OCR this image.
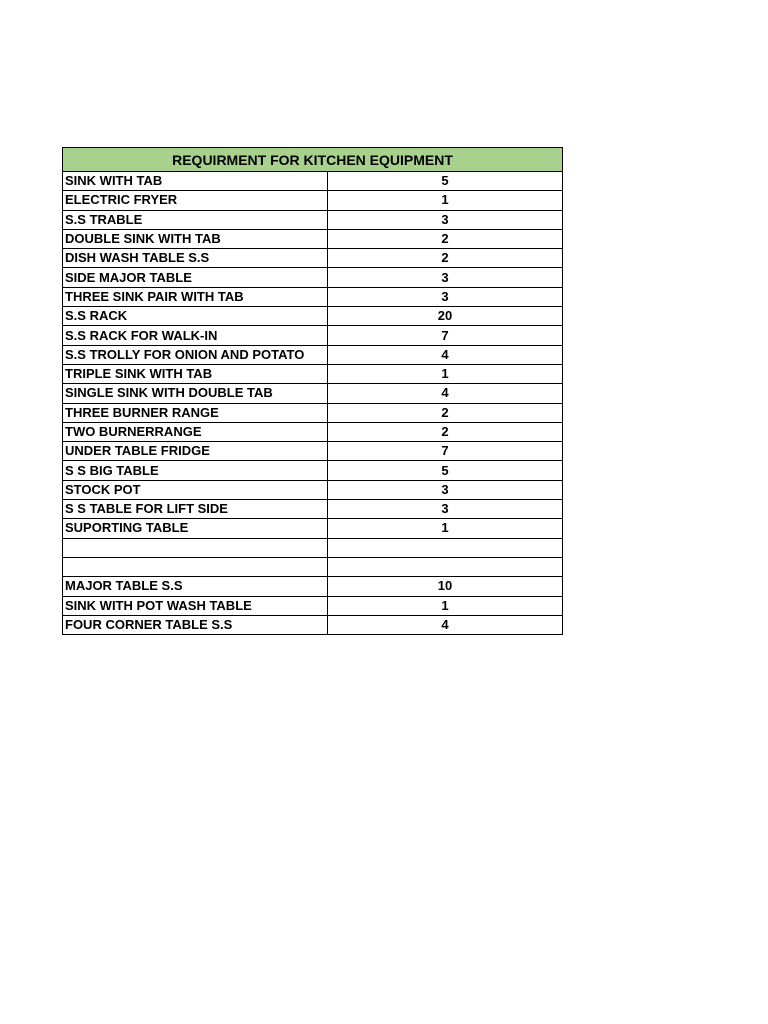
REQUIRMENT FOR KITCHEN EQUIPMENT	
SINK WITH TAB	5
ELECTRIC FRYER	1
S.S TRABLE	3
DOUBLE SINK WITH TAB	2
DISH WASH TABLE S.S	2
SIDE MAJOR TABLE	3
THREE SINK PAIR WITH TAB	3
S.S RACK	20
S.S RACK FOR WALK-IN	7
S.S TROLLY FOR ONION AND POTATO	4
TRIPLE SINK WITH TAB	1
SINGLE SINK WITH DOUBLE TAB	4
THREE BURNER RANGE	2
TWO BURNERRANGE	2
UNDER TABLE FRIDGE	7
S S BIG TABLE	5
STOCK POT	3
S S TABLE FOR LIFT SIDE	3
SUPORTING TABLE	1

MAJOR TABLE S.S	10
SINK WITH POT WASH TABLE	1
FOUR CORNER TABLE S.S	4
